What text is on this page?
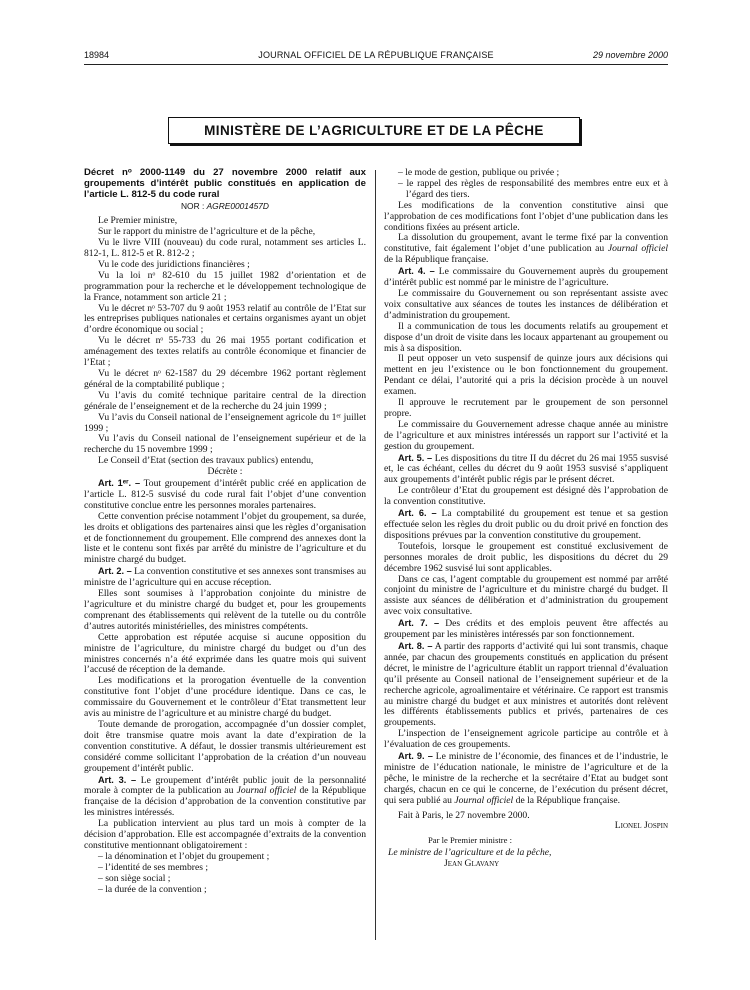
18984	JOURNAL OFFICIEL DE LA RÉPUBLIQUE FRANÇAISE	29 novembre 2000
MINISTÈRE DE L’AGRICULTURE ET DE LA PÊCHE

Décret nᵒ 2000-1149 du 27 novembre 2000 relatif aux groupements d’intérêt public constitués en application de l’article L. 812-5 du code rural

NOR : AGRE0001457D

Le Premier ministre,

Sur le rapport du ministre de l’agriculture et de la pêche,

Vu le livre VIII (nouveau) du code rural, notamment ses articles L. 812-1, L. 812-5 et R. 812-2 ;

Vu le code des juridictions financières ;

Vu la loi nᵒ 82-610 du 15 juillet 1982 d’orientation et de programmation pour la recherche et le développement technologique de la France, notamment son article 21 ;

Vu le décret nᵒ 53-707 du 9 août 1953 relatif au contrôle de l’Etat sur les entreprises publiques nationales et certains organismes ayant un objet d’ordre économique ou social ;

Vu le décret nᵒ 55-733 du 26 mai 1955 portant codification et aménagement des textes relatifs au contrôle économique et financier de l’Etat ;

Vu le décret nᵒ 62-1587 du 29 décembre 1962 portant règlement général de la comptabilité publique ;

Vu l’avis du comité technique paritaire central de la direction générale de l’enseignement et de la recherche du 24 juin 1999 ;

Vu l’avis du Conseil national de l’enseignement agricole du 1ᵉʳ juillet 1999 ;

Vu l’avis du Conseil national de l’enseignement supérieur et de la recherche du 15 novembre 1999 ;

Le Conseil d’Etat (section des travaux publics) entendu,

Décrète :

Art. 1ᵉʳ. – Tout groupement d’intérêt public créé en application de l’article L. 812-5 susvisé du code rural fait l’objet d’une convention constitutive conclue entre les personnes morales partenaires.

Cette convention précise notamment l’objet du groupement, sa durée, les droits et obligations des partenaires ainsi que les règles d’organisation et de fonctionnement du groupement. Elle comprend des annexes dont la liste et le contenu sont fixés par arrêté du ministre de l’agriculture et du ministre chargé du budget.

Art. 2. – La convention constitutive et ses annexes sont transmises au ministre de l’agriculture qui en accuse réception.

Elles sont soumises à l’approbation conjointe du ministre de l’agriculture et du ministre chargé du budget et, pour les groupements comprenant des établissements qui relèvent de la tutelle ou du contrôle d’autres autorités ministérielles, des ministres compétents.

Cette approbation est réputée acquise si aucune opposition du ministre de l’agriculture, du ministre chargé du budget ou d’un des ministres concernés n’a été exprimée dans les quatre mois qui suivent l’accusé de réception de la demande.

Les modifications et la prorogation éventuelle de la convention constitutive font l’objet d’une procédure identique. Dans ce cas, le commissaire du Gouvernement et le contrôleur d’Etat transmettent leur avis au ministre de l’agriculture et au ministre chargé du budget.

Toute demande de prorogation, accompagnée d’un dossier complet, doit être transmise quatre mois avant la date d’expiration de la convention constitutive. A défaut, le dossier transmis ultérieurement est considéré comme sollicitant l’approbation de la création d’un nouveau groupement d’intérêt public.

Art. 3. – Le groupement d’intérêt public jouit de la personnalité morale à compter de la publication au Journal officiel de la République française de la décision d’approbation de la convention constitutive par les ministres intéressés.

La publication intervient au plus tard un mois à compter de la décision d’approbation. Elle est accompagnée d’extraits de la convention constitutive mentionnant obligatoirement :

– la dénomination et l’objet du groupement ;

– l’identité de ses membres ;

– son siège social ;

– la durée de la convention ;

– le mode de gestion, publique ou privée ;

– le rappel des règles de responsabilité des membres entre eux et à l’égard des tiers.

Les modifications de la convention constitutive ainsi que l’approbation de ces modifications font l’objet d’une publication dans les conditions fixées au présent article.

La dissolution du groupement, avant le terme fixé par la convention constitutive, fait également l’objet d’une publication au Journal officiel de la République française.

Art. 4. – Le commissaire du Gouvernement auprès du groupement d’intérêt public est nommé par le ministre de l’agriculture.

Le commissaire du Gouvernement ou son représentant assiste avec voix consultative aux séances de toutes les instances de délibération et d’administration du groupement.

Il a communication de tous les documents relatifs au groupement et dispose d’un droit de visite dans les locaux appartenant au groupement ou mis à sa disposition.

Il peut opposer un veto suspensif de quinze jours aux décisions qui mettent en jeu l’existence ou le bon fonctionnement du groupement. Pendant ce délai, l’autorité qui a pris la décision procède à un nouvel examen.

Il approuve le recrutement par le groupement de son personnel propre.

Le commissaire du Gouvernement adresse chaque année au ministre de l’agriculture et aux ministres intéressés un rapport sur l’activité et la gestion du groupement.

Art. 5. – Les dispositions du titre II du décret du 26 mai 1955 susvisé et, le cas échéant, celles du décret du 9 août 1953 susvisé s’appliquent aux groupements d’intérêt public régis par le présent décret.

Le contrôleur d’Etat du groupement est désigné dès l’approbation de la convention constitutive.

Art. 6. – La comptabilité du groupement est tenue et sa gestion effectuée selon les règles du droit public ou du droit privé en fonction des dispositions prévues par la convention constitutive du groupement.

Toutefois, lorsque le groupement est constitué exclusivement de personnes morales de droit public, les dispositions du décret du 29 décembre 1962 susvisé lui sont applicables.

Dans ce cas, l’agent comptable du groupement est nommé par arrêté conjoint du ministre de l’agriculture et du ministre chargé du budget. Il assiste aux séances de délibération et d’administration du groupement avec voix consultative.

Art. 7. – Des crédits et des emplois peuvent être affectés au groupement par les ministères intéressés par son fonctionnement.

Art. 8. – A partir des rapports d’activité qui lui sont transmis, chaque année, par chacun des groupements constitués en application du présent décret, le ministre de l’agriculture établit un rapport triennal d’évaluation qu’il présente au Conseil national de l’enseignement supérieur et de la recherche agricole, agroalimentaire et vétérinaire. Ce rapport est transmis au ministre chargé du budget et aux ministres et autorités dont relèvent les différents établissements publics et privés, partenaires de ces groupements.

L’inspection de l’enseignement agricole participe au contrôle et à l’évaluation de ces groupements.

Art. 9. – Le ministre de l’économie, des finances et de l’industrie, le ministre de l’éducation nationale, le ministre de l’agriculture et de la pêche, le ministre de la recherche et la secrétaire d’Etat au budget sont chargés, chacun en ce qui le concerne, de l’exécution du présent décret, qui sera publié au Journal officiel de la République française.

Fait à Paris, le 27 novembre 2000.

Lionel Jospin

Par le Premier ministre :

Le ministre de l’agriculture et de la pêche,

Jean Glavany
